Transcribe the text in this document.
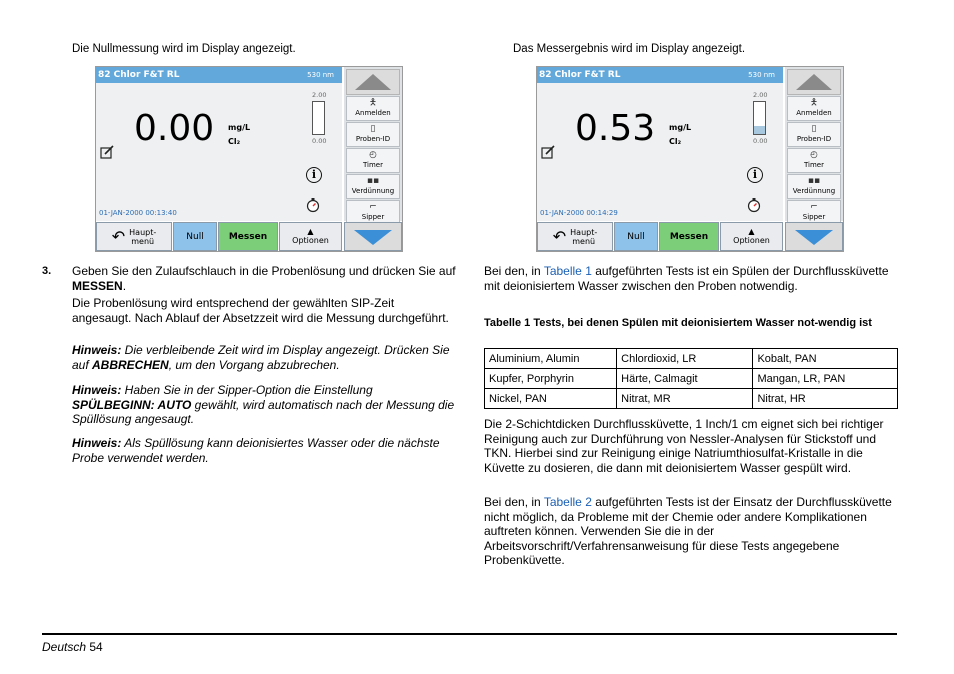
Die Nullmessung wird im Display angezeigt.
82 Chlor F&T RL	530 nm
0.00 mg/L
Cl₂
2.00
0.00
i
01-JAN-2000 00:13:40
🯅
Anmelden
▯
Proben-ID
◴
Timer
▪▪
Verdünnung
⌐
Sipper
↶ Haupt-
menü	Null	Messen	▲
Optionen
3. Geben Sie den Zulaufschlauch in die Probenlösung und drücken Sie auf MESSEN.
Die Probenlösung wird entsprechend der gewählten SIP-Zeit angesaugt. Nach Ablauf der Absetzzeit wird die Messung durchgeführt.
Hinweis: Die verbleibende Zeit wird im Display angezeigt. Drücken Sie auf ABBRECHEN, um den Vorgang abzubrechen.
Hinweis: Haben Sie in der Sipper-Option die Einstellung SPÜLBEGINN: AUTO gewählt, wird automatisch nach der Messung die Spüllösung angesaugt.
Hinweis: Als Spüllösung kann deionisiertes Wasser oder die nächste Probe verwendet werden.
Das Messergebnis wird im Display angezeigt.
82 Chlor F&T RL	530 nm
0.53 mg/L
Cl₂
2.00
0.00
i
01-JAN-2000 00:14:29
🯅
Anmelden
▯
Proben-ID
◴
Timer
▪▪
Verdünnung
⌐
Sipper
↶ Haupt-
menü	Null	Messen	▲
Optionen
Bei den, in Tabelle 1 aufgeführten Tests ist ein Spülen der Durchflussküvette mit deionisiertem Wasser zwischen den Proben notwendig.
Tabelle 1 Tests, bei denen Spülen mit deionisiertem Wasser not-wendig ist
Aluminium, Alumin	Chlordioxid, LR	Kobalt, PAN
Kupfer, Porphyrin	Härte, Calmagit	Mangan, LR, PAN
Nickel, PAN	Nitrat, MR	Nitrat, HR
Die 2-Schichtdicken Durchflussküvette, 1 Inch/1 cm eignet sich bei richtiger Reinigung auch zur Durchführung von Nessler-Analysen für Stickstoff und TKN. Hierbei sind zur Reinigung einige Natriumthiosulfat-Kristalle in die Küvette zu dosieren, die dann mit deionisiertem Wasser gespült wird.
Bei den, in Tabelle 2 aufgeführten Tests ist der Einsatz der Durchflussküvette nicht möglich, da Probleme mit der Chemie oder andere Komplikationen auftreten können. Verwenden Sie die in der Arbeitsvorschrift/Verfahrensanweisung für diese Tests angegebene Probenküvette.
Deutsch 54
